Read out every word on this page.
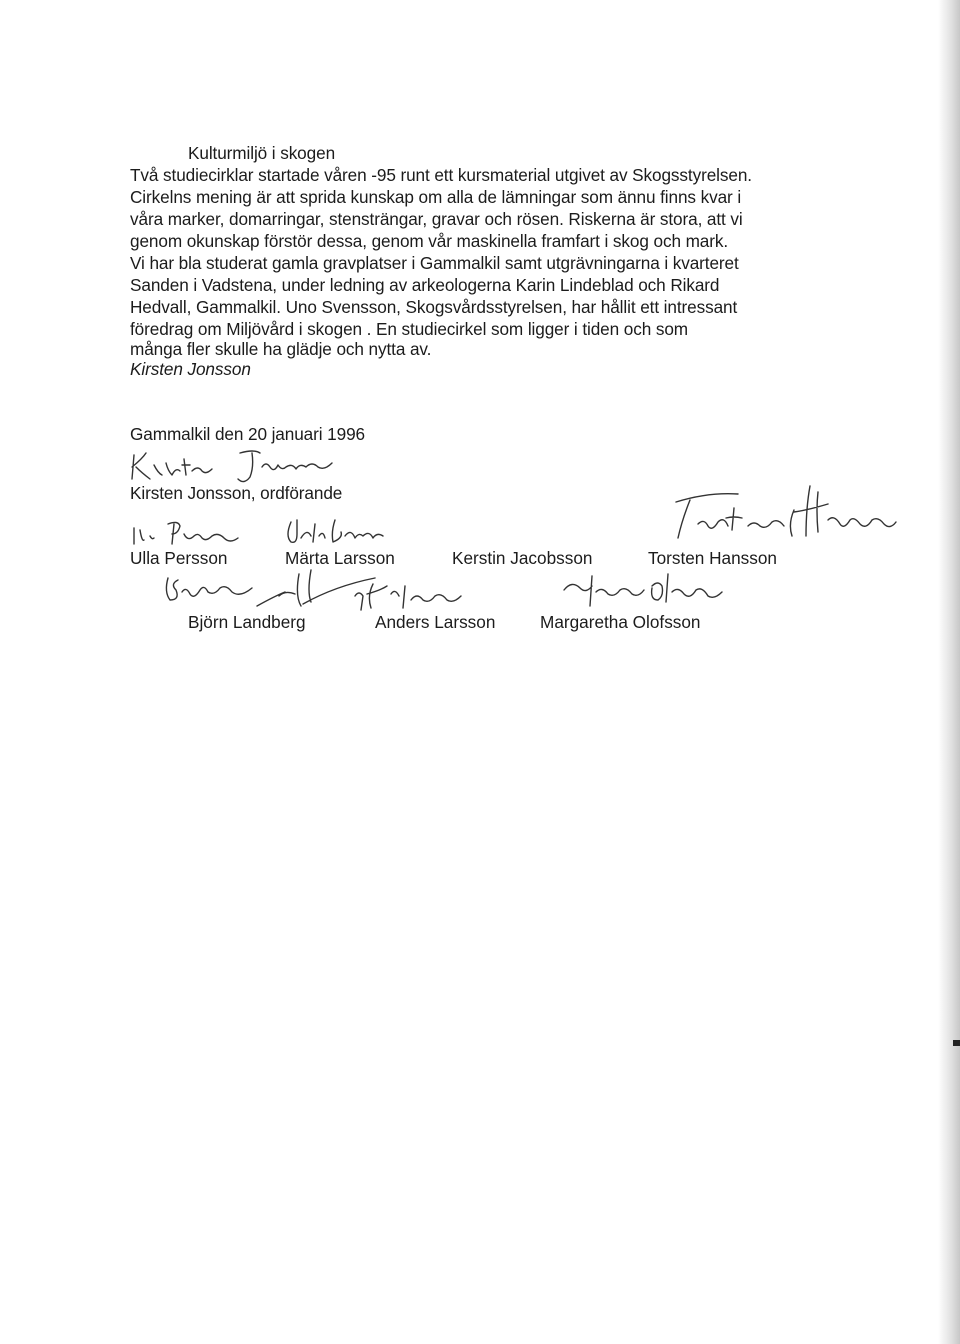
Kulturmiljö i skogen
Två studiecirklar startade våren -95 runt ett kursmaterial utgivet av Skogsstyrelsen.
Cirkelns mening är att sprida kunskap om alla de lämningar som ännu finns kvar i
våra marker, domarringar, stensträngar, gravar och rösen. Riskerna är stora, att vi
genom okunskap förstör dessa, genom vår maskinella framfart i skog och mark.
Vi har bla studerat gamla gravplatser i Gammalkil samt utgrävningarna i kvarteret
Sanden i Vadstena, under ledning av arkeologerna Karin Lindeblad och Rikard
Hedvall, Gammalkil. Uno Svensson, Skogsvårdsstyrelsen, har hållit ett intressant
föredrag om Miljövård i skogen . En studiecirkel som ligger i tiden och som
många fler skulle ha glädje och nytta av.
Kirsten Jonsson
Gammalkil den 20 januari 1996
Kirsten Jonsson, ordförande
Ulla Persson	Märta Larsson	Kerstin Jacobsson	Torsten Hansson
Björn Landberg	Anders Larsson	Margaretha Olofsson
